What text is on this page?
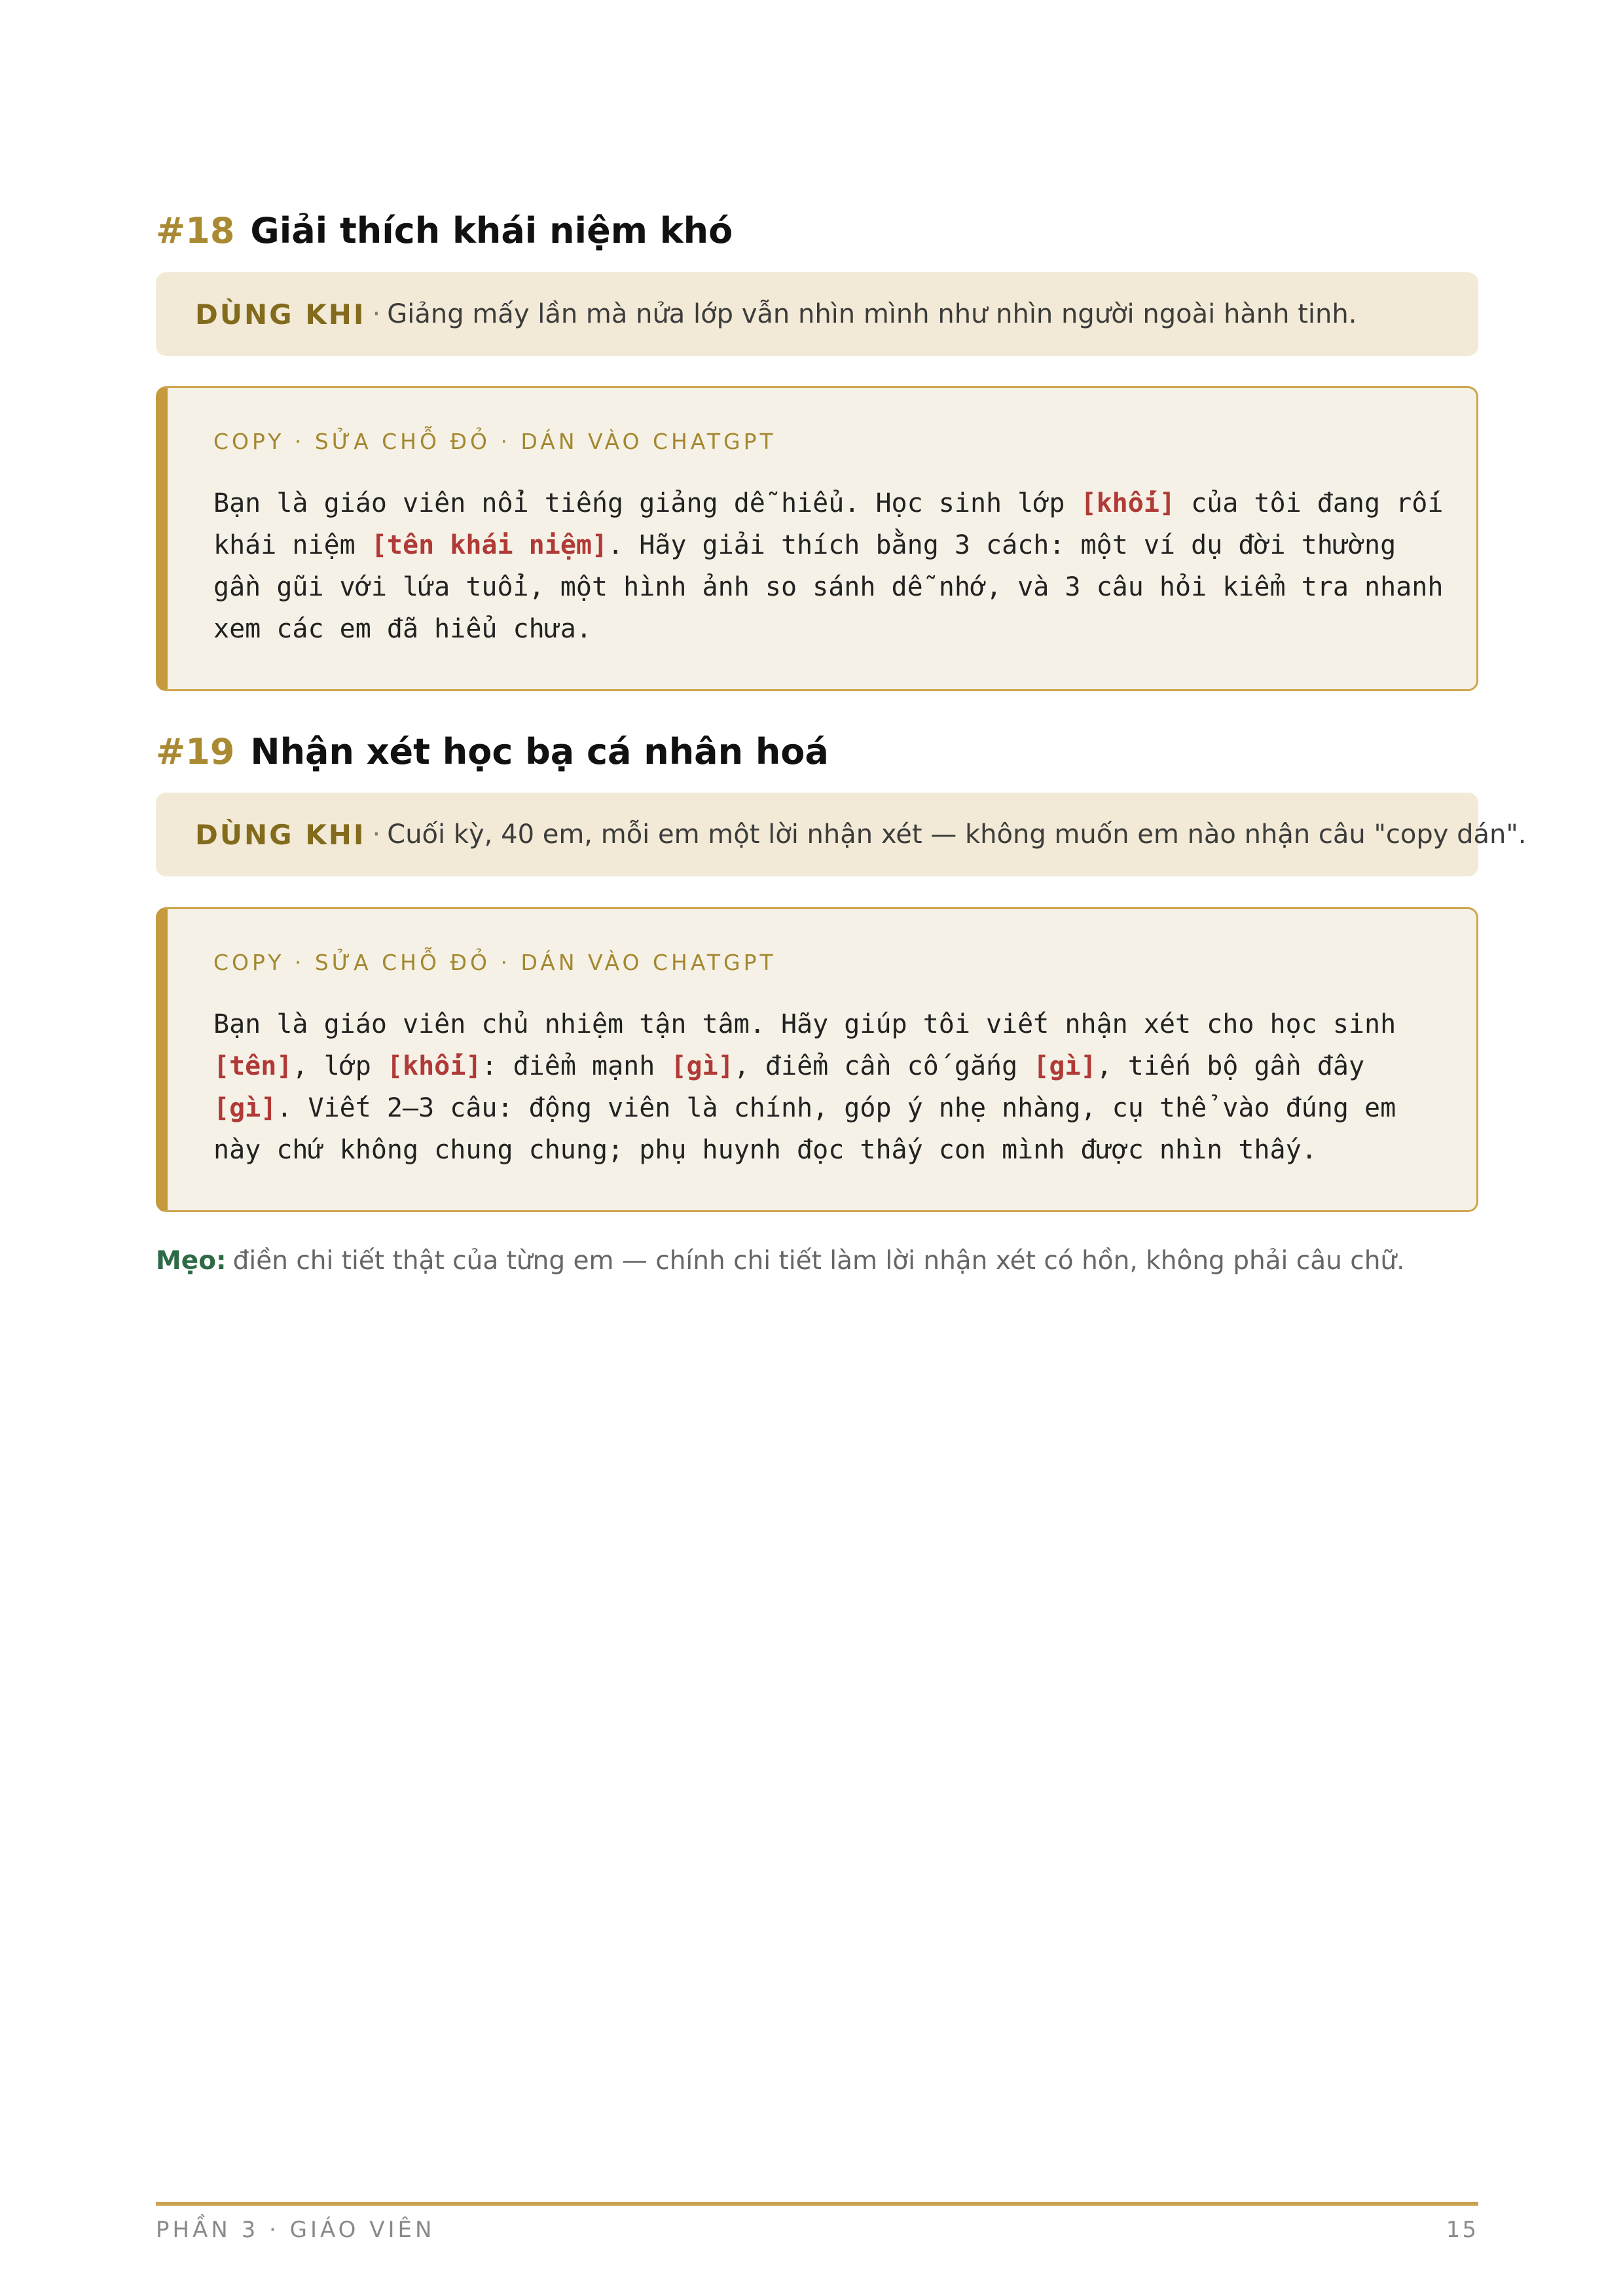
#18 Giải thích khái niệm khó
DÙNG KHI · Giảng mấy lần mà nửa lớp vẫn nhìn mình như nhìn người ngoài hành tinh.
COPY · SỬA CHỖ ĐỎ · DÁN VÀO CHATGPT
Bạn là giáo viên nổi tiếng giảng dễ hiểu. Học sinh lớp [khối] của tôi đang rối
khái niệm [tên khái niệm]. Hãy giải thích bằng 3 cách: một ví dụ đời thường
gần gũi với lứa tuổi, một hình ảnh so sánh dễ nhớ, và 3 câu hỏi kiểm tra nhanh
xem các em đã hiểu chưa.
#19 Nhận xét học bạ cá nhân hoá
DÙNG KHI · Cuối kỳ, 40 em, mỗi em một lời nhận xét — không muốn em nào nhận câu "copy dán".
COPY · SỬA CHỖ ĐỎ · DÁN VÀO CHATGPT
Bạn là giáo viên chủ nhiệm tận tâm. Hãy giúp tôi viết nhận xét cho học sinh
[tên], lớp [khối]: điểm mạnh [gì], điểm cần cố gắng [gì], tiến bộ gần đây
[gì]. Viết 2–3 câu: động viên là chính, góp ý nhẹ nhàng, cụ thể vào đúng em
này chứ không chung chung; phụ huynh đọc thấy con mình được nhìn thấy.
Mẹo: điền chi tiết thật của từng em — chính chi tiết làm lời nhận xét có hồn, không phải câu chữ.
PHẦN 3 · GIÁO VIÊN	15
